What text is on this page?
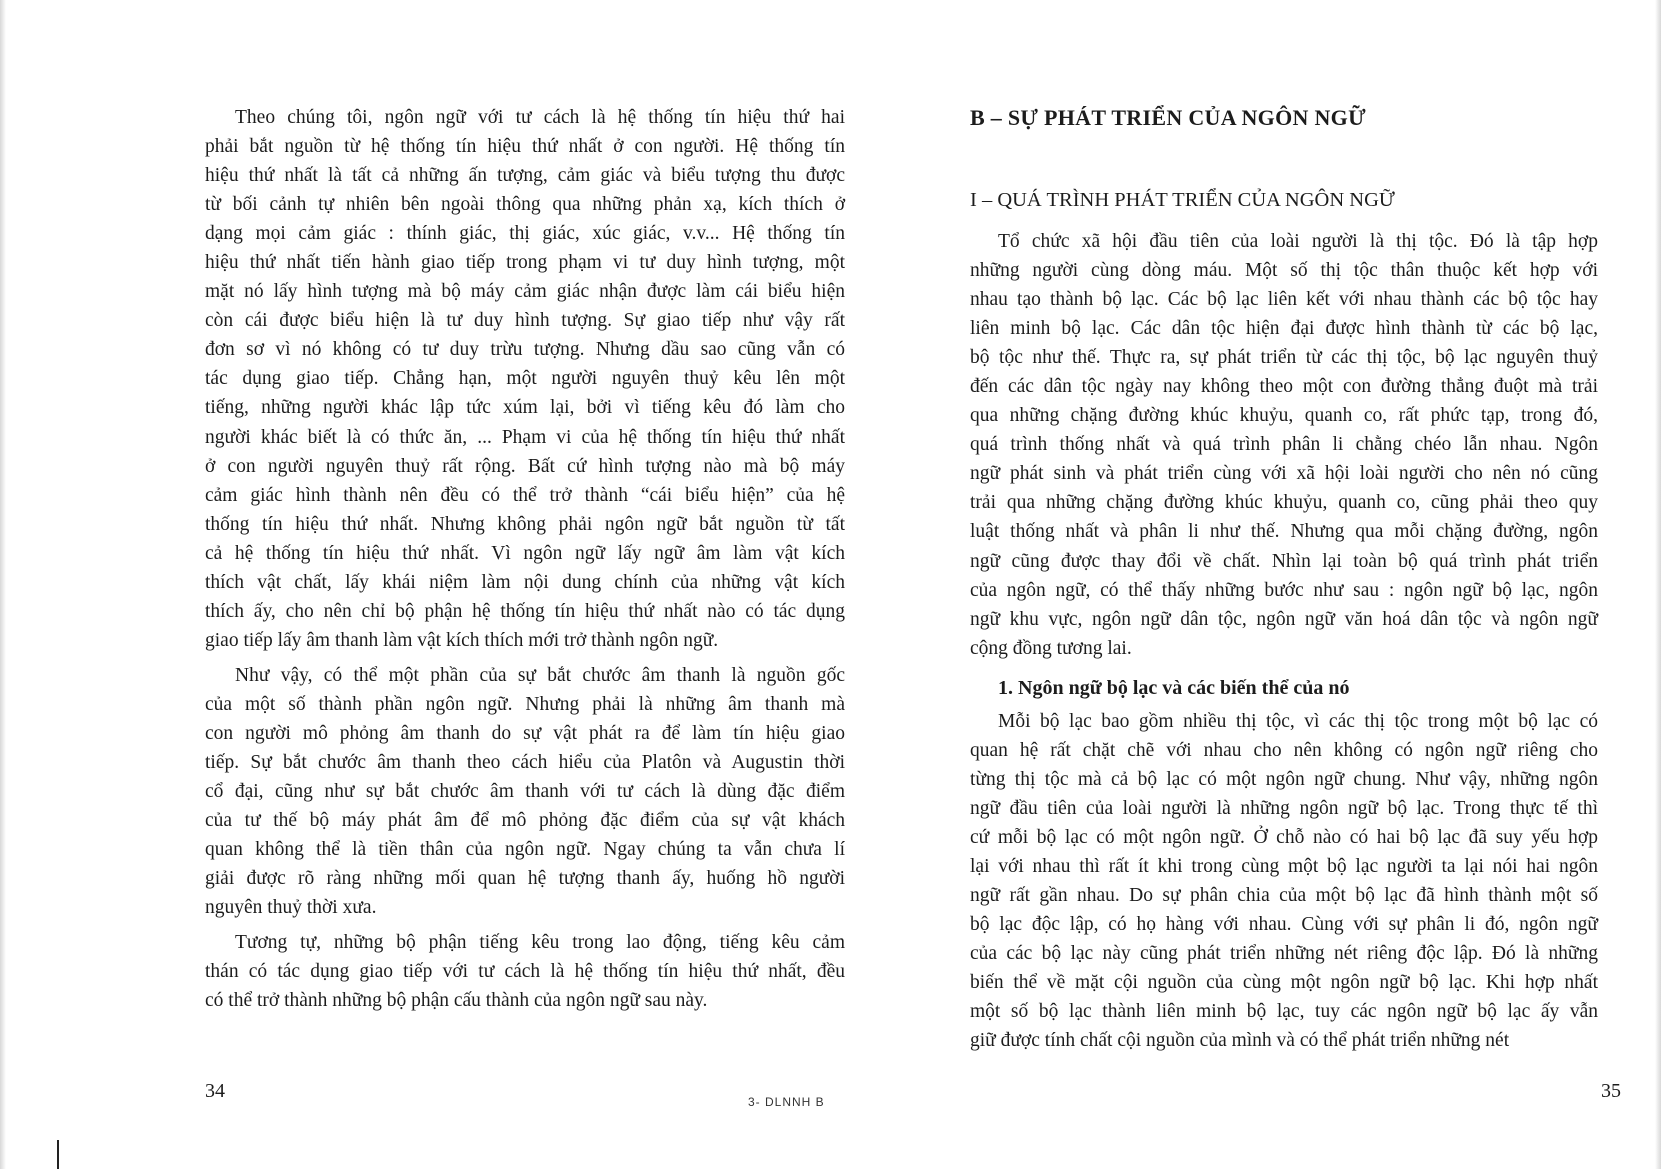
Theo chúng tôi, ngôn ngữ với tư cách là hệ thống tín hiệu thứ hai
phải bắt nguồn từ hệ thống tín hiệu thứ nhất ở con người. Hệ thống tín
hiệu thứ nhất là tất cả những ấn tượng, cảm giác và biểu tượng thu được
từ bối cảnh tự nhiên bên ngoài thông qua những phản xạ, kích thích ở
dạng mọi cảm giác : thính giác, thị giác, xúc giác, v.v... Hệ thống tín
hiệu thứ nhất tiến hành giao tiếp trong phạm vi tư duy hình tượng, một
mặt nó lấy hình tượng mà bộ máy cảm giác nhận được làm cái biểu hiện
còn cái được biểu hiện là tư duy hình tượng. Sự giao tiếp như vậy rất
đơn sơ vì nó không có tư duy trừu tượng. Nhưng dầu sao cũng vẫn có
tác dụng giao tiếp. Chẳng hạn, một người nguyên thuỷ kêu lên một
tiếng, những người khác lập tức xúm lại, bởi vì tiếng kêu đó làm cho
người khác biết là có thức ăn, ... Phạm vi của hệ thống tín hiệu thứ nhất
ở con người nguyên thuỷ rất rộng. Bất cứ hình tượng nào mà bộ máy
cảm giác hình thành nên đều có thể trở thành “cái biểu hiện” của hệ
thống tín hiệu thứ nhất. Nhưng không phải ngôn ngữ bắt nguồn từ tất
cả hệ thống tín hiệu thứ nhất. Vì ngôn ngữ lấy ngữ âm làm vật kích
thích vật chất, lấy khái niệm làm nội dung chính của những vật kích
thích ấy, cho nên chỉ bộ phận hệ thống tín hiệu thứ nhất nào có tác dụng
giao tiếp lấy âm thanh làm vật kích thích mới trở thành ngôn ngữ.
Như vậy, có thể một phần của sự bắt chước âm thanh là nguồn gốc
của một số thành phần ngôn ngữ. Nhưng phải là những âm thanh mà
con người mô phỏng âm thanh do sự vật phát ra để làm tín hiệu giao
tiếp. Sự bắt chước âm thanh theo cách hiểu của Platôn và Augustin thời
cổ đại, cũng như sự bắt chước âm thanh với tư cách là dùng đặc điểm
của tư thế bộ máy phát âm để mô phỏng đặc điểm của sự vật khách
quan không thể là tiền thân của ngôn ngữ. Ngay chúng ta vẫn chưa lí
giải được rõ ràng những mối quan hệ tượng thanh ấy, huống hồ người
nguyên thuỷ thời xưa.
Tương tự, những bộ phận tiếng kêu trong lao động, tiếng kêu cảm
thán có tác dụng giao tiếp với tư cách là hệ thống tín hiệu thứ nhất, đều
có thể trở thành những bộ phận cấu thành của ngôn ngữ sau này.
34	3- DLNNH B
B – SỰ PHÁT TRIỂN CỦA NGÔN NGỮ
I – QUÁ TRÌNH PHÁT TRIỂN CỦA NGÔN NGỮ
Tổ chức xã hội đầu tiên của loài người là thị tộc. Đó là tập hợp
những người cùng dòng máu. Một số thị tộc thân thuộc kết hợp với
nhau tạo thành bộ lạc. Các bộ lạc liên kết với nhau thành các bộ tộc hay
liên minh bộ lạc. Các dân tộc hiện đại được hình thành từ các bộ lạc,
bộ tộc như thế. Thực ra, sự phát triển từ các thị tộc, bộ lạc nguyên thuỷ
đến các dân tộc ngày nay không theo một con đường thẳng đuột mà trải
qua những chặng đường khúc khuỷu, quanh co, rất phức tạp, trong đó,
quá trình thống nhất và quá trình phân li chằng chéo lẫn nhau. Ngôn
ngữ phát sinh và phát triển cùng với xã hội loài người cho nên nó cũng
trải qua những chặng đường khúc khuỷu, quanh co, cũng phải theo quy
luật thống nhất và phân li như thế. Nhưng qua mỗi chặng đường, ngôn
ngữ cũng được thay đổi về chất. Nhìn lại toàn bộ quá trình phát triển
của ngôn ngữ, có thể thấy những bước như sau : ngôn ngữ bộ lạc, ngôn
ngữ khu vực, ngôn ngữ dân tộc, ngôn ngữ văn hoá dân tộc và ngôn ngữ
cộng đồng tương lai.
1. Ngôn ngữ bộ lạc và các biến thể của nó
Mỗi bộ lạc bao gồm nhiều thị tộc, vì các thị tộc trong một bộ lạc có
quan hệ rất chặt chẽ với nhau cho nên không có ngôn ngữ riêng cho
từng thị tộc mà cả bộ lạc có một ngôn ngữ chung. Như vậy, những ngôn
ngữ đầu tiên của loài người là những ngôn ngữ bộ lạc. Trong thực tế thì
cứ mỗi bộ lạc có một ngôn ngữ. Ở chỗ nào có hai bộ lạc đã suy yếu hợp
lại với nhau thì rất ít khi trong cùng một bộ lạc người ta lại nói hai ngôn
ngữ rất gần nhau. Do sự phân chia của một bộ lạc đã hình thành một số
bộ lạc độc lập, có họ hàng với nhau. Cùng với sự phân li đó, ngôn ngữ
của các bộ lạc này cũng phát triển những nét riêng độc lập. Đó là những
biến thể về mặt cội nguồn của cùng một ngôn ngữ bộ lạc. Khi hợp nhất
một số bộ lạc thành liên minh bộ lạc, tuy các ngôn ngữ bộ lạc ấy vẫn
giữ được tính chất cội nguồn của mình và có thể phát triển những nét
35
